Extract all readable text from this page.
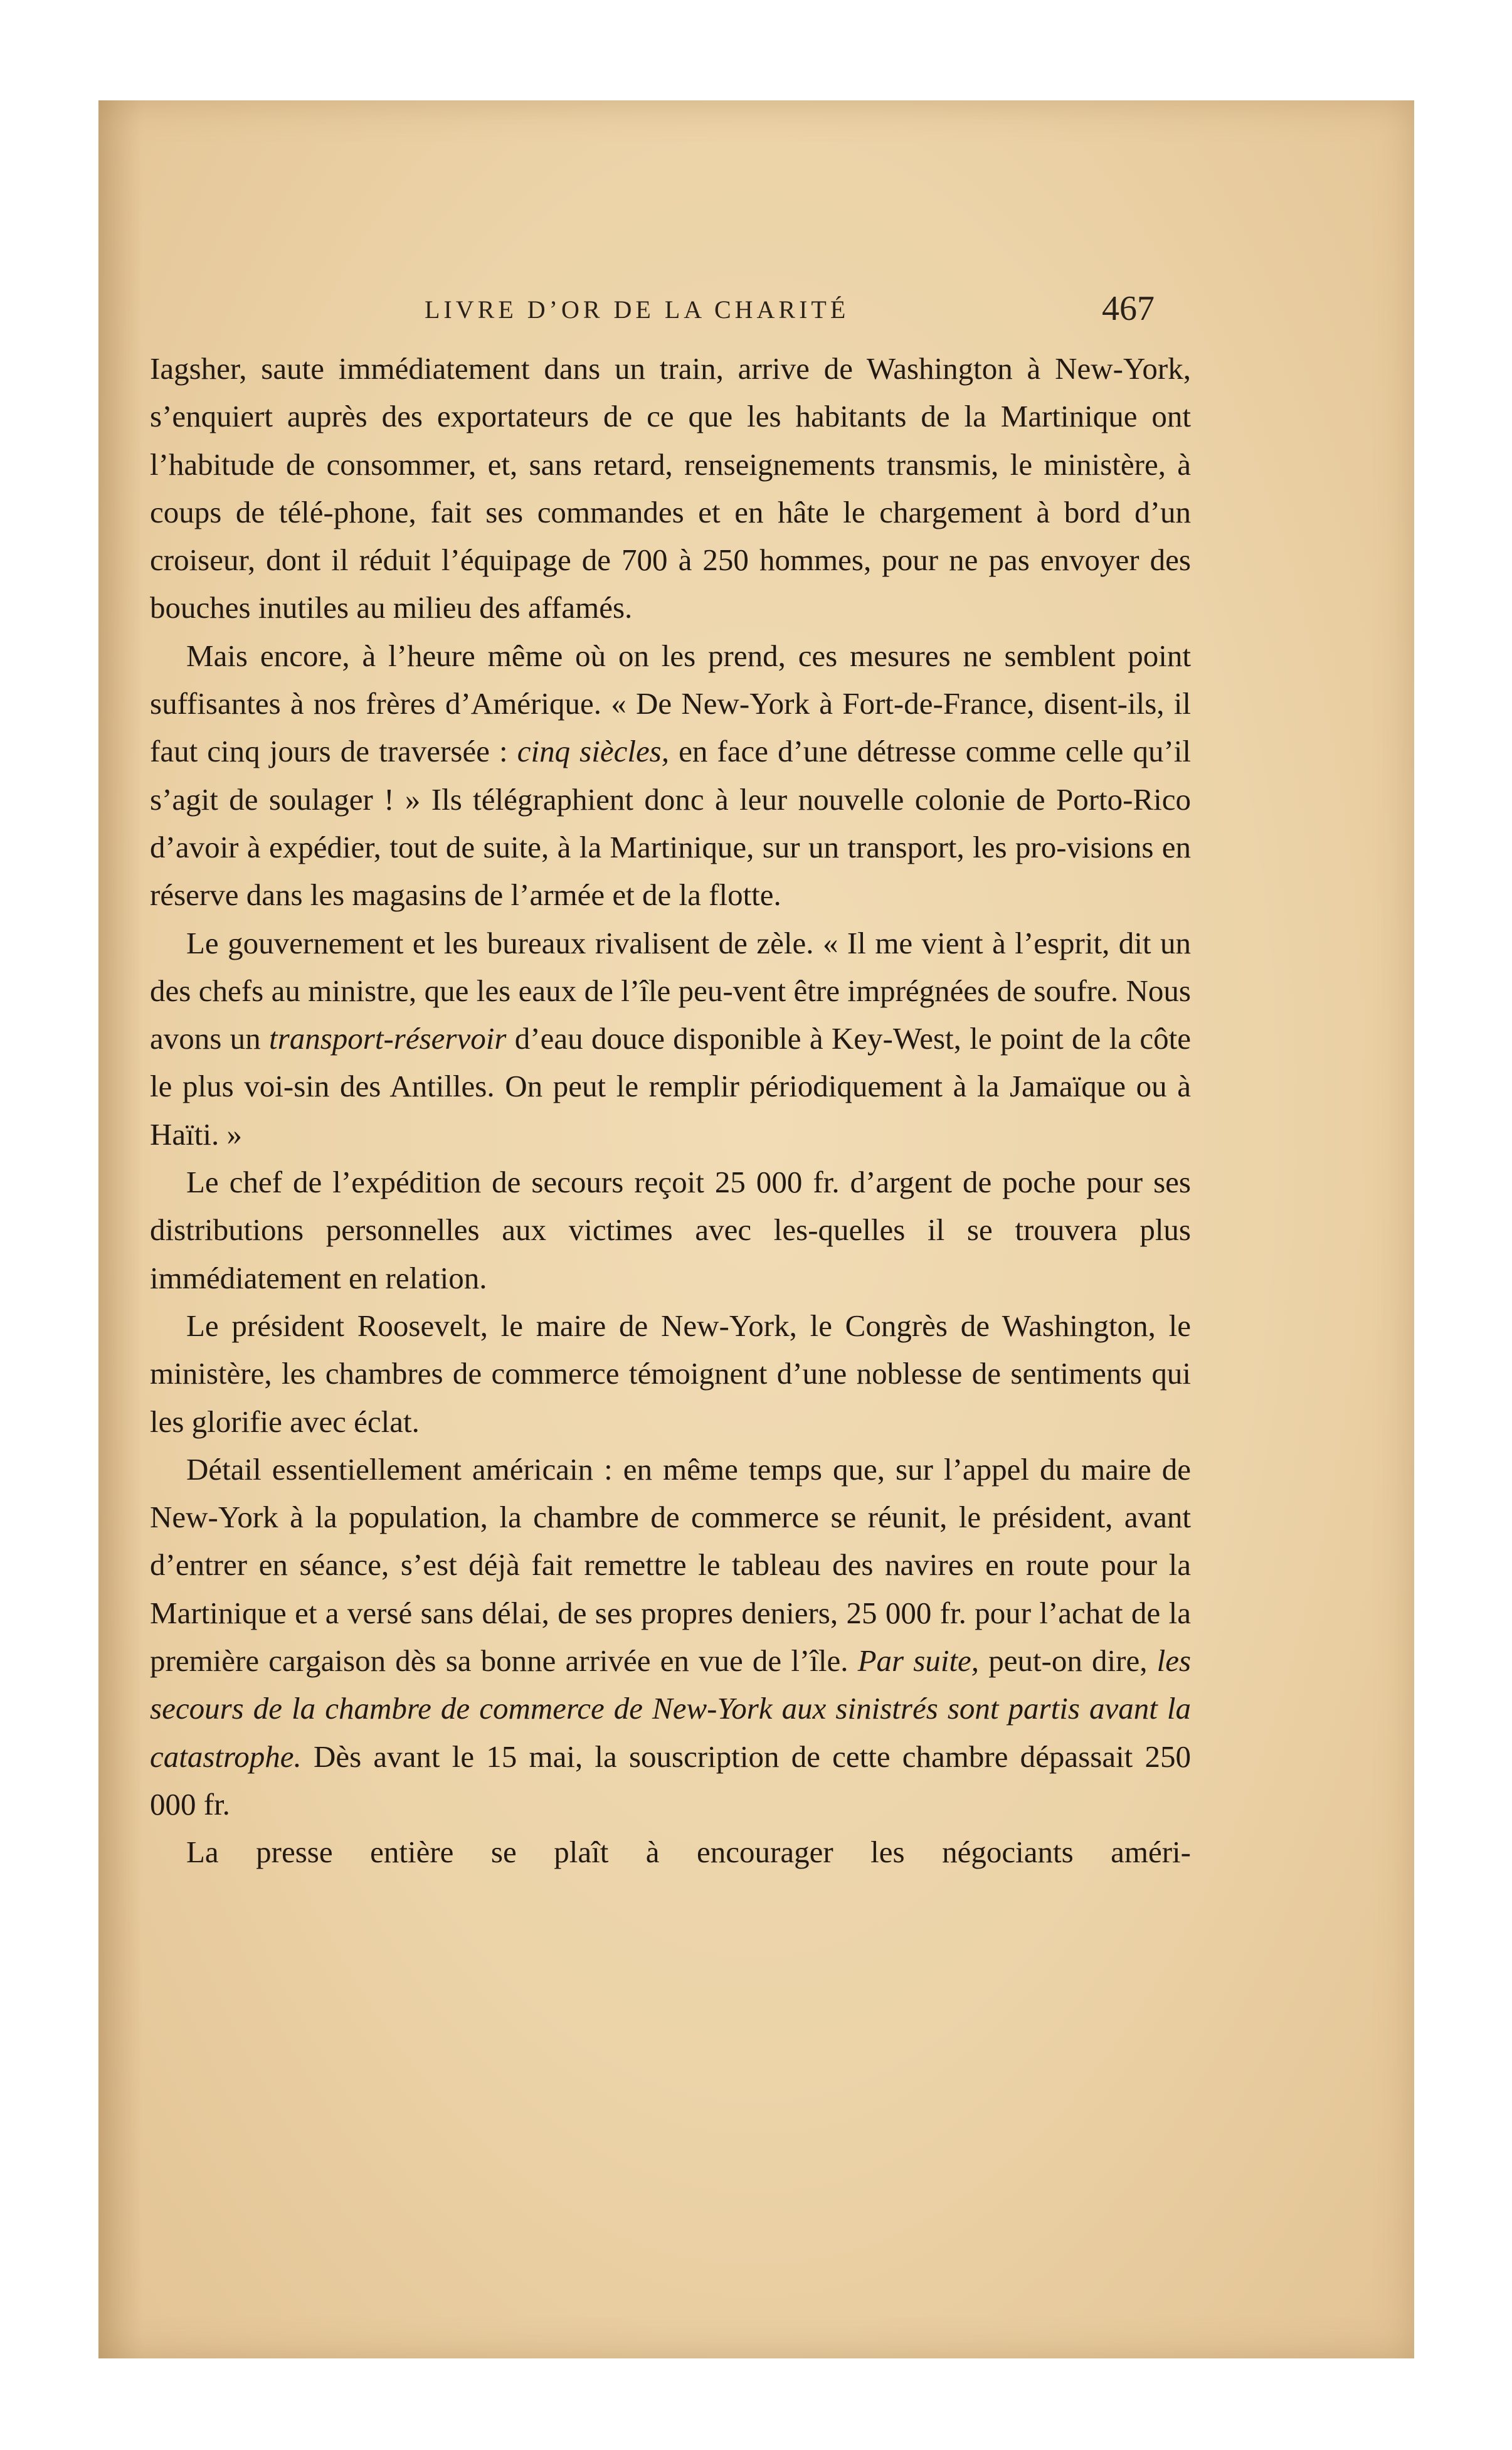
LIVRE D’OR DE LA CHARITÉ	467

Iagsher, saute immédiatement dans un train, arrive de Washington à New-York, s’enquiert auprès des exportateurs de ce que les habitants de la Martinique ont l’habitude de consommer, et, sans retard, renseignements transmis, le ministère, à coups de télé-phone, fait ses commandes et en hâte le chargement à bord d’un croiseur, dont il réduit l’équipage de 700 à 250 hommes, pour ne pas envoyer des bouches inutiles au milieu des affamés.

Mais encore, à l’heure même où on les prend, ces mesures ne semblent point suffisantes à nos frères d’Amérique. « De New-York à Fort-de-France, disent-ils, il faut cinq jours de traversée : cinq siècles, en face d’une détresse comme celle qu’il s’agit de soulager ! » Ils télégraphient donc à leur nouvelle colonie de Porto-Rico d’avoir à expédier, tout de suite, à la Martinique, sur un transport, les pro-visions en réserve dans les magasins de l’armée et de la flotte.

Le gouvernement et les bureaux rivalisent de zèle. « Il me vient à l’esprit, dit un des chefs au ministre, que les eaux de l’île peu-vent être imprégnées de soufre. Nous avons un transport-réservoir d’eau douce disponible à Key-West, le point de la côte le plus voi-sin des Antilles. On peut le remplir périodiquement à la Jamaïque ou à Haïti. »

Le chef de l’expédition de secours reçoit 25 000 fr. d’argent de poche pour ses distributions personnelles aux victimes avec les-quelles il se trouvera plus immédiatement en relation.

Le président Roosevelt, le maire de New-York, le Congrès de Washington, le ministère, les chambres de commerce témoignent d’une noblesse de sentiments qui les glorifie avec éclat.

Détail essentiellement américain : en même temps que, sur l’appel du maire de New-York à la population, la chambre de commerce se réunit, le président, avant d’entrer en séance, s’est déjà fait remettre le tableau des navires en route pour la Martinique et a versé sans délai, de ses propres deniers, 25 000 fr. pour l’achat de la première cargaison dès sa bonne arrivée en vue de l’île. Par suite, peut-on dire, les secours de la chambre de commerce de New-York aux sinistrés sont partis avant la catastrophe. Dès avant le 15 mai, la souscription de cette chambre dépassait 250 000 fr.

La presse entière se plaît à encourager les négociants améri-
